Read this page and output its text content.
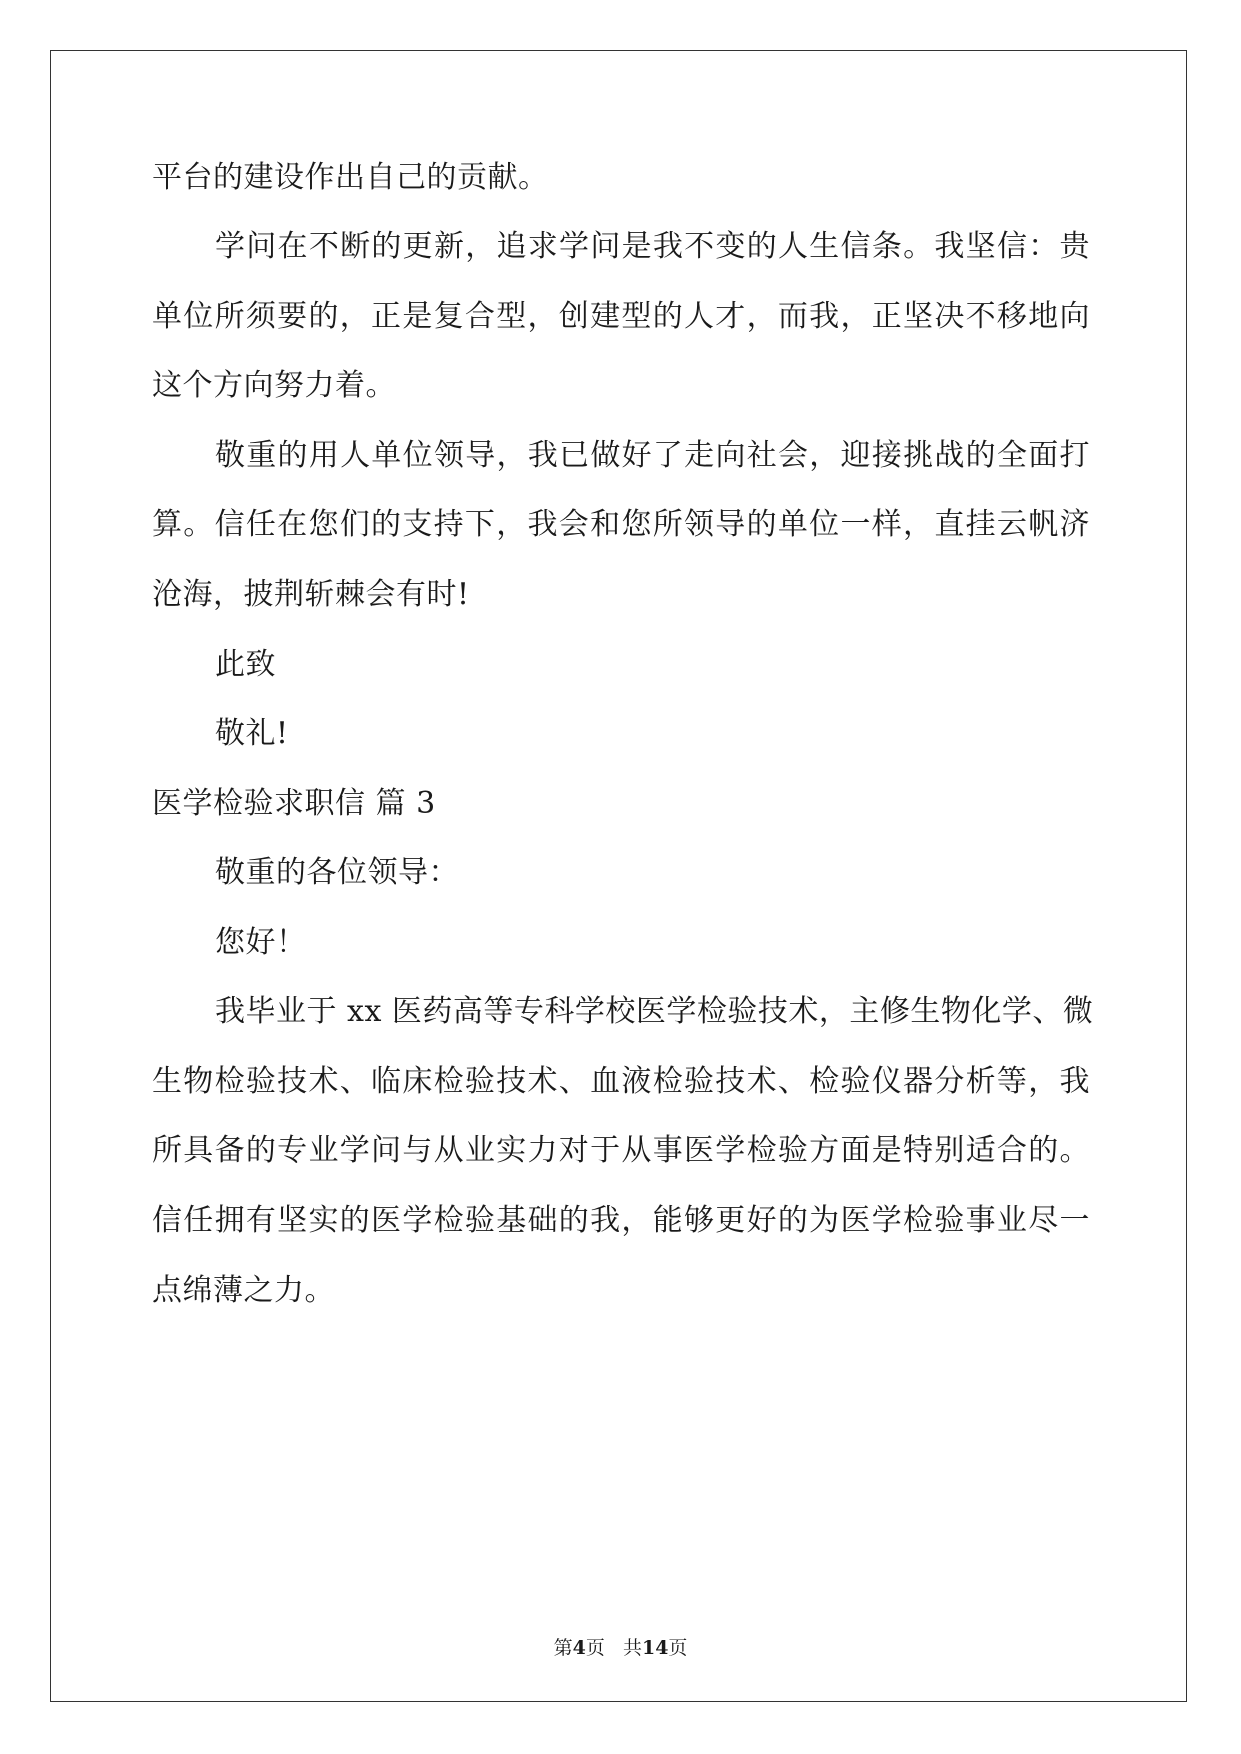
平台的建设作出自己的贡献。
学问在不断的更新，追求学问是我不变的人生信条。我坚信：贵
单位所须要的，正是复合型，创建型的人才，而我，正坚决不移地向
这个方向努力着。
敬重的用人单位领导，我已做好了走向社会，迎接挑战的全面打
算。信任在您们的支持下，我会和您所领导的单位一样，直挂云帆济
沧海，披荆斩棘会有时!
此致
敬礼!
医学检验求职信 篇 3
敬重的各位领导：
您好！
我毕业于 xx 医药高等专科学校医学检验技术，主修生物化学、微
生物检验技术、临床检验技术、血液检验技术、检验仪器分析等，我
所具备的专业学问与从业实力对于从事医学检验方面是特别适合的。
信任拥有坚实的医学检验基础的我，能够更好的为医学检验事业尽一
点绵薄之力。
第4页 共14页
